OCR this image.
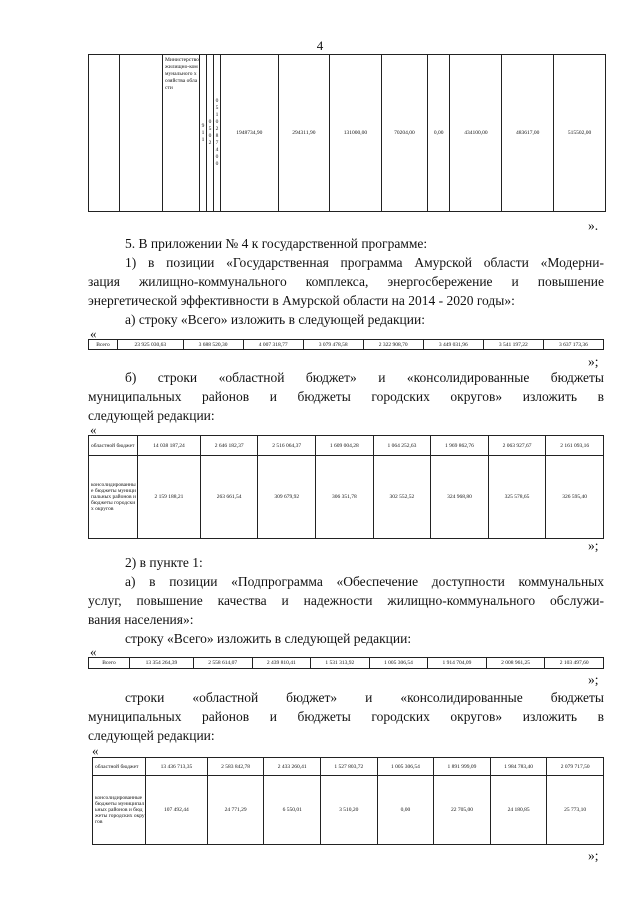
4
		Министерство жилищно-коммунального хозяйства области	9 1 1	0 5 0 2	0 5 1 0 2 8 7 4 0 0	1948734,90	294311,90	131000,00	70204,00	0,00	434100,00	483617,00	515502,00
».
5. В приложении № 4 к государственной программе:
1) в позиции «Государственная программа Амурской области «Модерни-
зация жилищно-коммунального комплекса, энергосбережение и повышение
энергетической эффективности в Амурской области на 2014 - 2020 годы»:
а) строку «Всего» изложить в следующей редакции:
«
Всего	23 925 030,63	3 688 520,30	4 007 318,77	3 079 478,58	2 322 908,70	3 449 031,96	3 541 197,22	3 637 173,36
»;
б) строки «областной бюджет» и «консолидированные бюджеты
муниципальных районов и бюджеты городских округов» изложить в
следующей редакции:
«
областной бюджет	14 038 187,24	2 646 182,37	2 516 064,37	1 609 004,28	1 064 252,63	1 969 862,76	2 063 927,67	2 161 093,16
консолидированные бюджеты муниципальных районов и бюджеты городских округов	2 159 188,21	263 661,54	309 679,92	306 351,78	302 552,52	324 968,80	325 578,65	326 595,40
»;
2) в пункте 1:
а) в позиции «Подпрограмма «Обеспечение доступности коммунальных
услуг, повышение качества и надежности жилищно-коммунального обслужи-
вания населения»:
строку «Всего» изложить в следующей редакции:
«
Всего	13 354 264,39	2 558 614,07	2 439 810,41	1 531 313,92	1 005 306,54	1 914 704,09	2 008 961,25	2 103 497,60
»;
строки «областной бюджет» и «консолидированные бюджеты
муниципальных районов и бюджеты городских округов» изложить в
следующей редакции:
«
областной бюджет	13 436 713,35	2 583 842,78	2 433 260,41	1 527 803,72	1 005 306,54	1 891 999,09	1 984 783,40	2 079 717,50
консолидированные бюджеты муниципальных районов и бюджеты городских округов	107 492,44	24 771,29	6 550,01	3 510,20	0,00	22 705,00	24 180,85	25 773,10
»;
